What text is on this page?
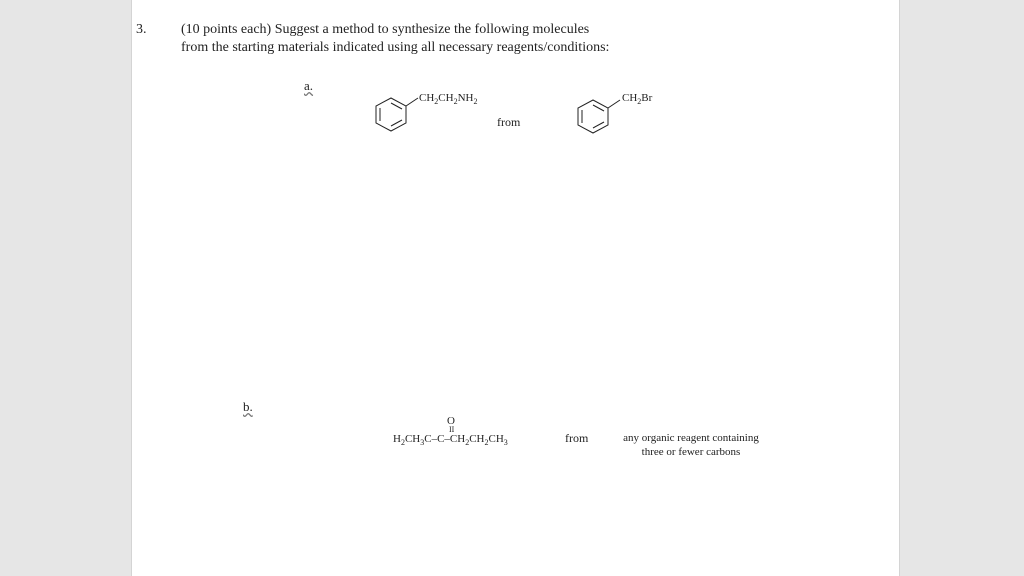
3. (10 points each) Suggest a method to synthesize the following molecules
from the starting materials indicated using all necessary reagents/conditions:
a.
$CH_2CH_2NH_2$
from
$CH_2Br$
b.
O
II
$H_2CH_3C-C-CH_2CH_2CH_3$	from	any organic reagent containing three or fewer carbons
